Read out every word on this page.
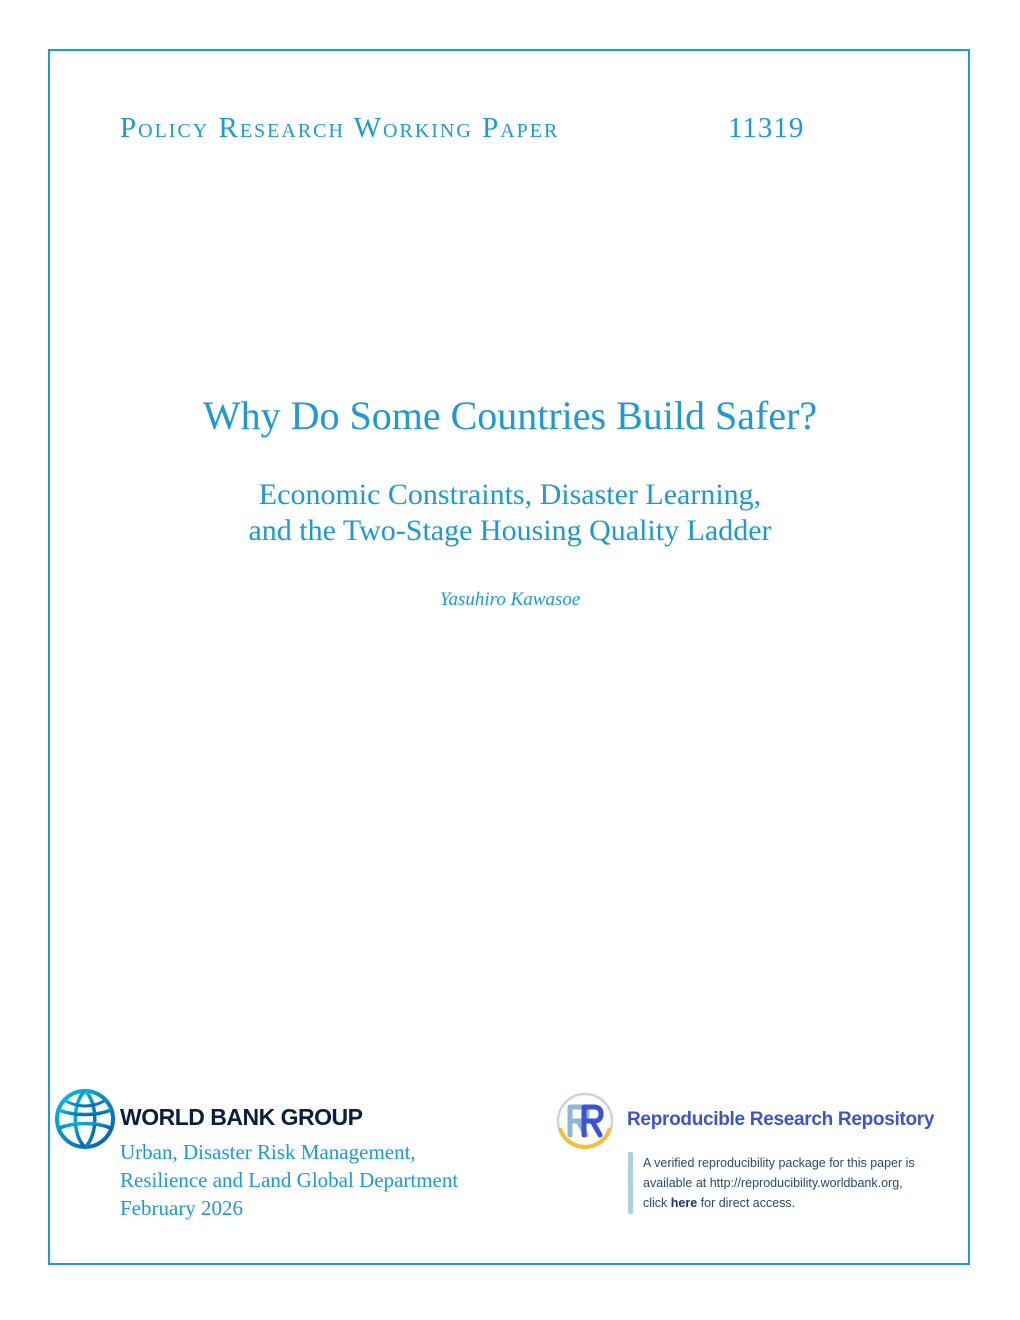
Policy Research Working Paper	11319
Why Do Some Countries Build Safer?
Economic Constraints, Disaster Learning,
and the Two-Stage Housing Quality Ladder
Yasuhiro Kawasoe
WORLD BANK GROUP
Urban, Disaster Risk Management,
Resilience and Land Global Department
February 2026
Reproducible Research Repository
A verified reproducibility package for this paper is
available at http://reproducibility.worldbank.org,
click here for direct access.
